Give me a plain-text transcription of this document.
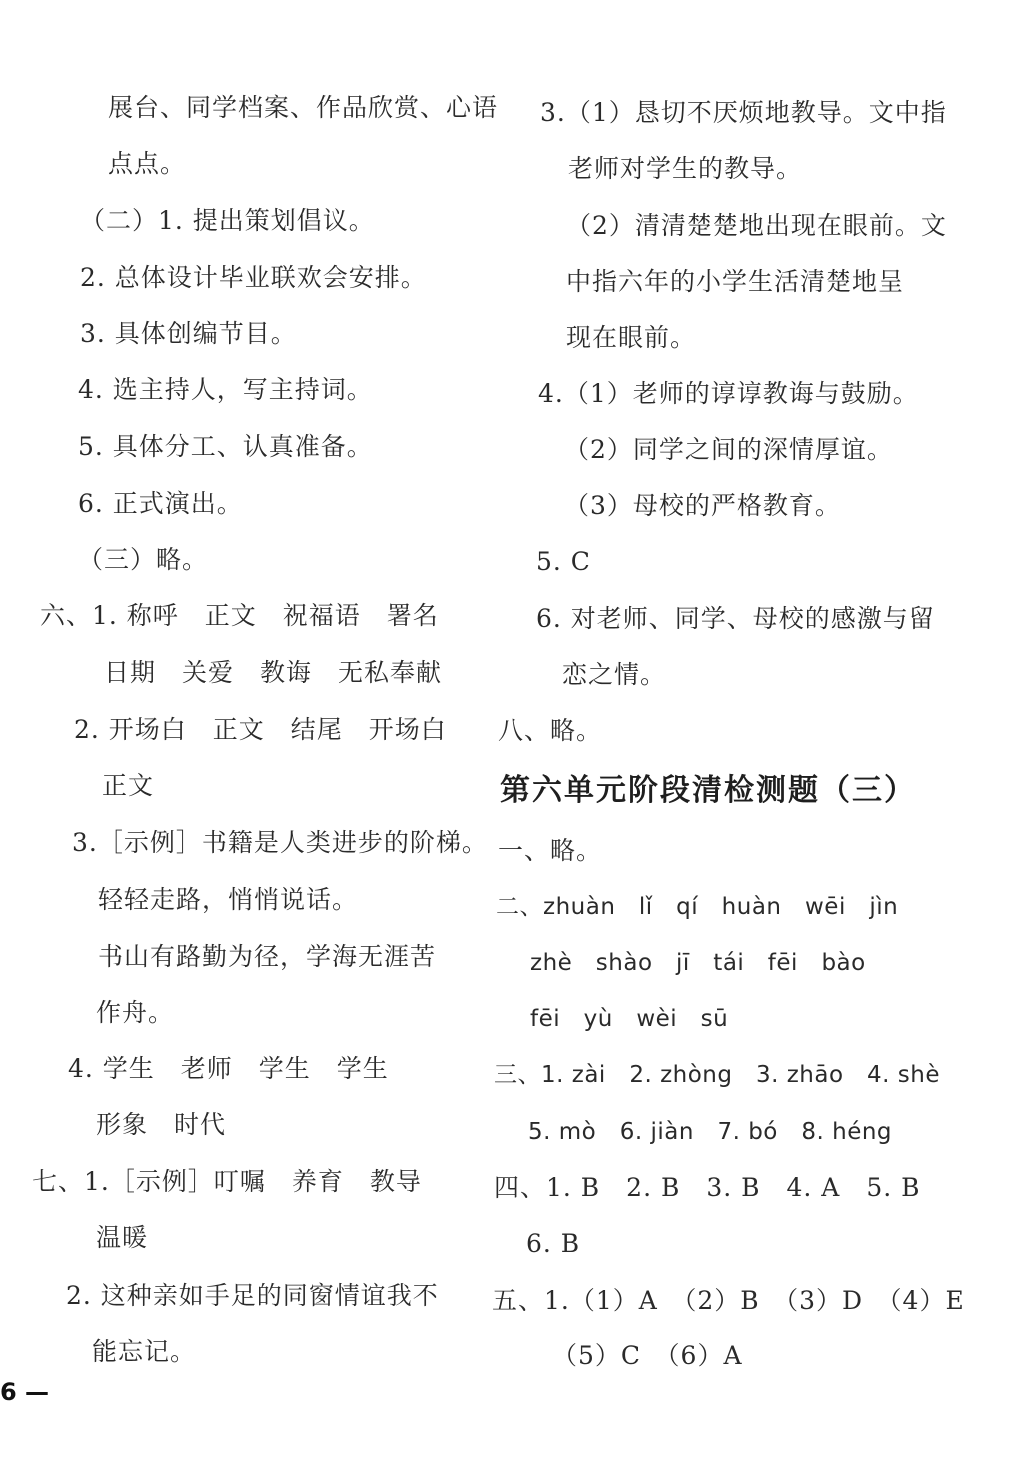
展台、同学档案、作品欣赏、心语
点点。
（二）1. 提出策划倡议。
2. 总体设计毕业联欢会安排。
3. 具体创编节目。
4. 选主持人，写主持词。
5. 具体分工、认真准备。
6. 正式演出。
（三）略。
六、1. 称呼　正文　祝福语　署名
日期　关爱　教诲　无私奉献
2. 开场白　正文　结尾　开场白
正文
3.［示例］书籍是人类进步的阶梯。
轻轻走路，悄悄说话。
书山有路勤为径，学海无涯苦
作舟。
4. 学生　老师　学生　学生
形象　时代
七、1.［示例］叮嘱　养育　教导
温暖
2. 这种亲如手足的同窗情谊我不
能忘记。
3.（1）恳切不厌烦地教导。文中指
老师对学生的教导。
（2）清清楚楚地出现在眼前。文
中指六年的小学生活清楚地呈
现在眼前。
4.（1）老师的谆谆教诲与鼓励。
（2）同学之间的深情厚谊。
（3）母校的严格教育。
5. C
6. 对老师、同学、母校的感激与留
恋之情。
八、略。
第六单元阶段清检测题（三）
一、略。
二、zhuàn　lǐ　qí　huàn　wēi　jìn
zhè　shào　jī　tái　fēi　bào
fēi　yù　wèi　sū
三、1. zài　2. zhòng　3. zhāo　4. shè
5. mò　6. jiàn　7. bó　8. héng
四、1. B　2. B　3. B　4. A　5. B
6. B
五、1.（1）A　（2）B　（3）D　（4）E
（5）C　（6）A
6 —
